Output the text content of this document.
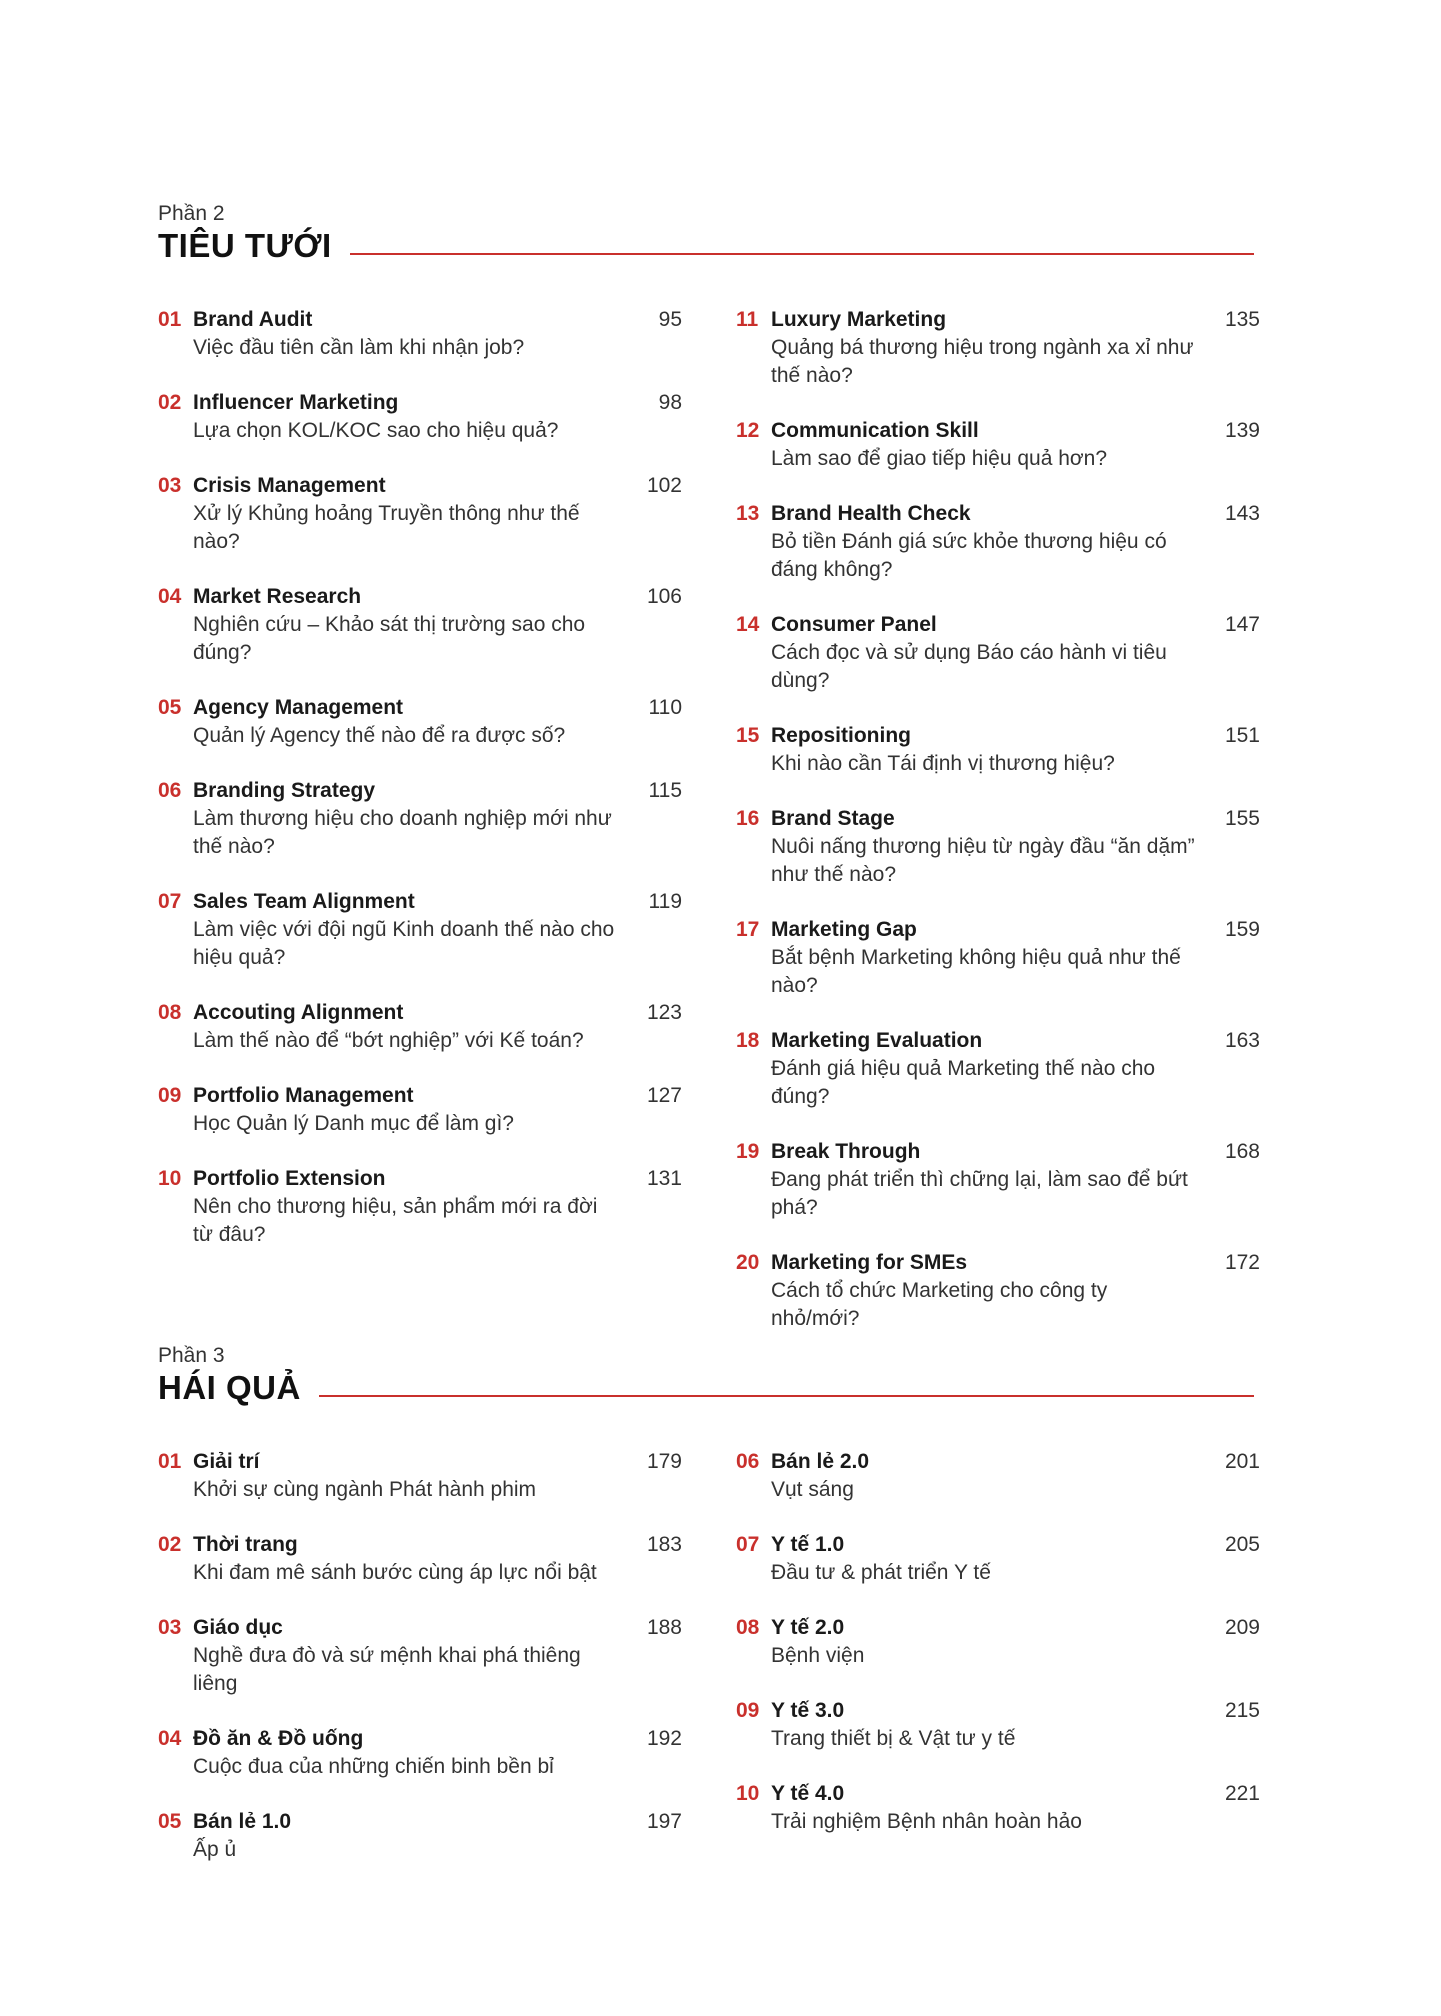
Phần 2
TIÊU TƯỚI
01 Brand Audit	95
Việc đầu tiên cần làm khi nhận job?
02 Influencer Marketing	98
Lựa chọn KOL/KOC sao cho hiệu quả?
03 Crisis Management	102
Xử lý Khủng hoảng Truyền thông như thế nào?
04 Market Research	106
Nghiên cứu – Khảo sát thị trường sao cho đúng?
05 Agency Management	110
Quản lý Agency thế nào để ra được số?
06 Branding Strategy	115
Làm thương hiệu cho doanh nghiệp mới như thế nào?
07 Sales Team Alignment	119
Làm việc với đội ngũ Kinh doanh thế nào cho hiệu quả?
08 Accouting Alignment	123
Làm thế nào để “bớt nghiệp” với Kế toán?
09 Portfolio Management	127
Học Quản lý Danh mục để làm gì?
10 Portfolio Extension	131
Nên cho thương hiệu, sản phẩm mới ra đời từ đâu?
11 Luxury Marketing	135
Quảng bá thương hiệu trong ngành xa xỉ như thế nào?
12 Communication Skill	139
Làm sao để giao tiếp hiệu quả hơn?
13 Brand Health Check	143
Bỏ tiền Đánh giá sức khỏe thương hiệu có đáng không?
14 Consumer Panel	147
Cách đọc và sử dụng Báo cáo hành vi tiêu dùng?
15 Repositioning	151
Khi nào cần Tái định vị thương hiệu?
16 Brand Stage	155
Nuôi nấng thương hiệu từ ngày đầu “ăn dặm” như thế nào?
17 Marketing Gap	159
Bắt bệnh Marketing không hiệu quả như thế nào?
18 Marketing Evaluation	163
Đánh giá hiệu quả Marketing thế nào cho đúng?
19 Break Through	168
Đang phát triển thì chững lại, làm sao để bứt phá?
20 Marketing for SMEs	172
Cách tổ chức Marketing cho công ty nhỏ/mới?
Phần 3
HÁI QUẢ
01 Giải trí	179
Khởi sự cùng ngành Phát hành phim
02 Thời trang	183
Khi đam mê sánh bước cùng áp lực nổi bật
03 Giáo dục	188
Nghề đưa đò và sứ mệnh khai phá thiêng liêng
04 Đồ ăn & Đồ uống	192
Cuộc đua của những chiến binh bền bỉ
05 Bán lẻ 1.0	197
Ấp ủ
06 Bán lẻ 2.0	201
Vụt sáng
07 Y tế 1.0	205
Đầu tư & phát triển Y tế
08 Y tế 2.0	209
Bệnh viện
09 Y tế 3.0	215
Trang thiết bị & Vật tư y tế
10 Y tế 4.0	221
Trải nghiệm Bệnh nhân hoàn hảo
